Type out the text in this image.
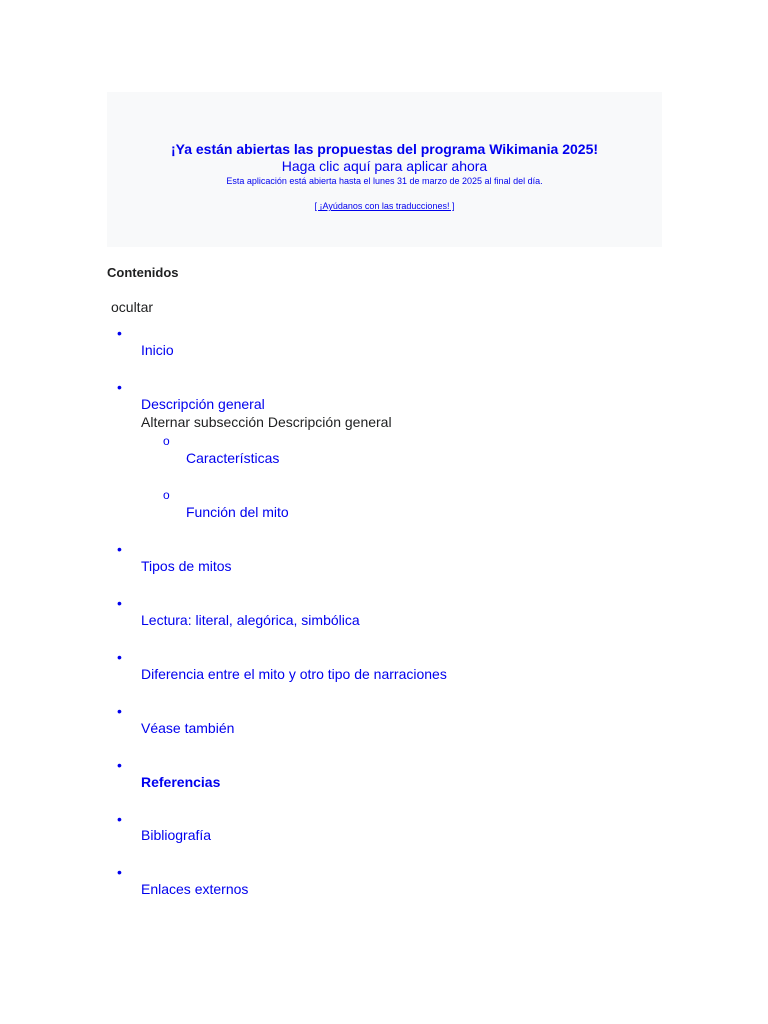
¡Ya están abiertas las propuestas del programa Wikimania 2025!
Haga clic aquí para aplicar ahora
Esta aplicación está abierta hasta el lunes 31 de marzo de 2025 al final del día.
[ ¡Ayúdanos con las traducciones! ]
Contenidos
ocultar
•
Inicio
•
Descripción general
Alternar subsección Descripción general
o
Características
o
Función del mito
•
Tipos de mitos
•
Lectura: literal, alegórica, simbólica
•
Diferencia entre el mito y otro tipo de narraciones
•
Véase también
•
Referencias
•
Bibliografía
•
Enlaces externos
